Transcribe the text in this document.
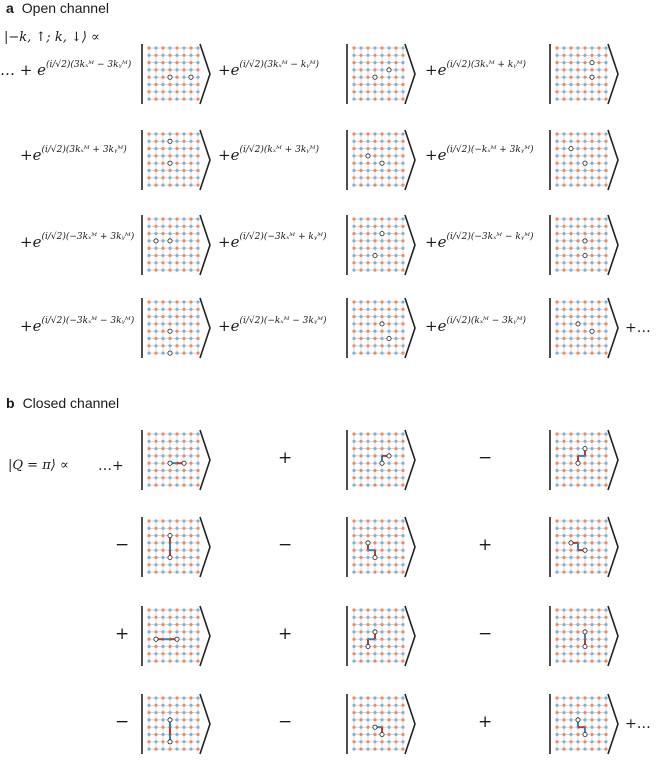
a Open channel
|−k, ↑; k, ↓⟩ ∝
… + $e^{(i/√2)(3k_xᴹ - 3kᵧᴹ)}$	$+e^{(i/√2)(3k_xᴹ - kᵧᴹ)}$	$+e^{(i/√2)(3k_xᴹ + kᵧᴹ)}$
$+e^{(i/√2)(3k_xᴹ + 3kᵧᴹ)}$	$+e^{(i/√2)(k_xᴹ + 3kᵧᴹ)}$	$+e^{(i/√2)(-k_xᴹ + 3kᵧᴹ)}$
$+e^{(i/√2)(-3k_xᴹ + 3kᵧᴹ)}$	$+e^{(i/√2)(-3k_xᴹ + kᵧᴹ)}$	$+e^{(i/√2)(-3k_xᴹ - kᵧᴹ)}$
$+e^{(i/√2)(-3k_xᴹ - 3kᵧᴹ)}$	$+e^{(i/√2)(-k_xᴹ - 3kᵧᴹ)}$	$+e^{(i/√2)(k_xᴹ - 3kᵧᴹ)}$	+…
b Closed channel
|Q = π⟩ ∝ …+	+	−
−	−	+
+	+	−
−	−	+	+…
